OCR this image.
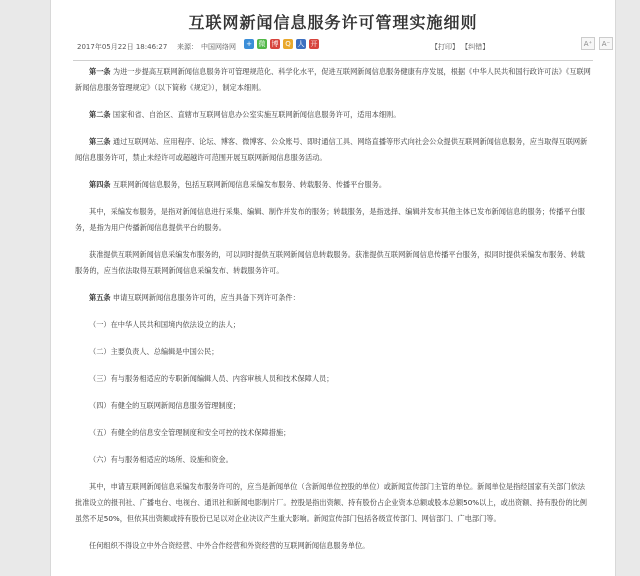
互联网新闻信息服务许可管理实施细则
2017年05月22日 18:46:27 来源： 中国网络网 + 微 博 Q 人 开	【打印】 【纠错】	A⁺	A⁻

第一条 为进一步提高互联网新闻信息服务许可管理规范化、科学化水平，促进互联网新闻信息服务健康有序发展，根据《中华人民共和国行政许可法》《互联网新闻信息服务管理规定》（以下简称《规定》），制定本细则。

第二条 国家和省、自治区、直辖市互联网信息办公室实施互联网新闻信息服务许可，适用本细则。

第三条 通过互联网站、应用程序、论坛、博客、微博客、公众账号、即时通信工具、网络直播等形式向社会公众提供互联网新闻信息服务，应当取得互联网新闻信息服务许可，禁止未经许可或超越许可范围开展互联网新闻信息服务活动。

第四条 互联网新闻信息服务，包括互联网新闻信息采编发布服务、转载服务、传播平台服务。

其中，采编发布服务，是指对新闻信息进行采集、编辑、制作并发布的服务；转载服务，是指选择、编辑并发布其他主体已发布新闻信息的服务；传播平台服务，是指为用户传播新闻信息提供平台的服务。

获准提供互联网新闻信息采编发布服务的，可以同时提供互联网新闻信息转载服务。获准提供互联网新闻信息传播平台服务，拟同时提供采编发布服务、转载服务的，应当依法取得互联网新闻信息采编发布、转载服务许可。

第五条 申请互联网新闻信息服务许可的，应当具备下列许可条件：

（一）在中华人民共和国境内依法设立的法人；

（二）主要负责人、总编辑是中国公民；

（三）有与服务相适应的专职新闻编辑人员、内容审核人员和技术保障人员；

（四）有健全的互联网新闻信息服务管理制度；

（五）有健全的信息安全管理制度和安全可控的技术保障措施；

（六）有与服务相适应的场所、设施和资金。

其中，申请互联网新闻信息采编发布服务许可的，应当是新闻单位（含新闻单位控股的单位）或新闻宣传部门主管的单位。新闻单位是指经国家有关部门依法批准设立的报刊社、广播电台、电视台、通讯社和新闻电影制片厂。控股是指出资额、持有股份占企业资本总额或股本总额50%以上，或出资额、持有股份的比例虽然不足50%，但依其出资额或持有股份已足以对企业决议产生重大影响。新闻宣传部门包括各级宣传部门、网信部门、广电部门等。

任何组织不得设立中外合资经营、中外合作经营和外资经营的互联网新闻信息服务单位。
